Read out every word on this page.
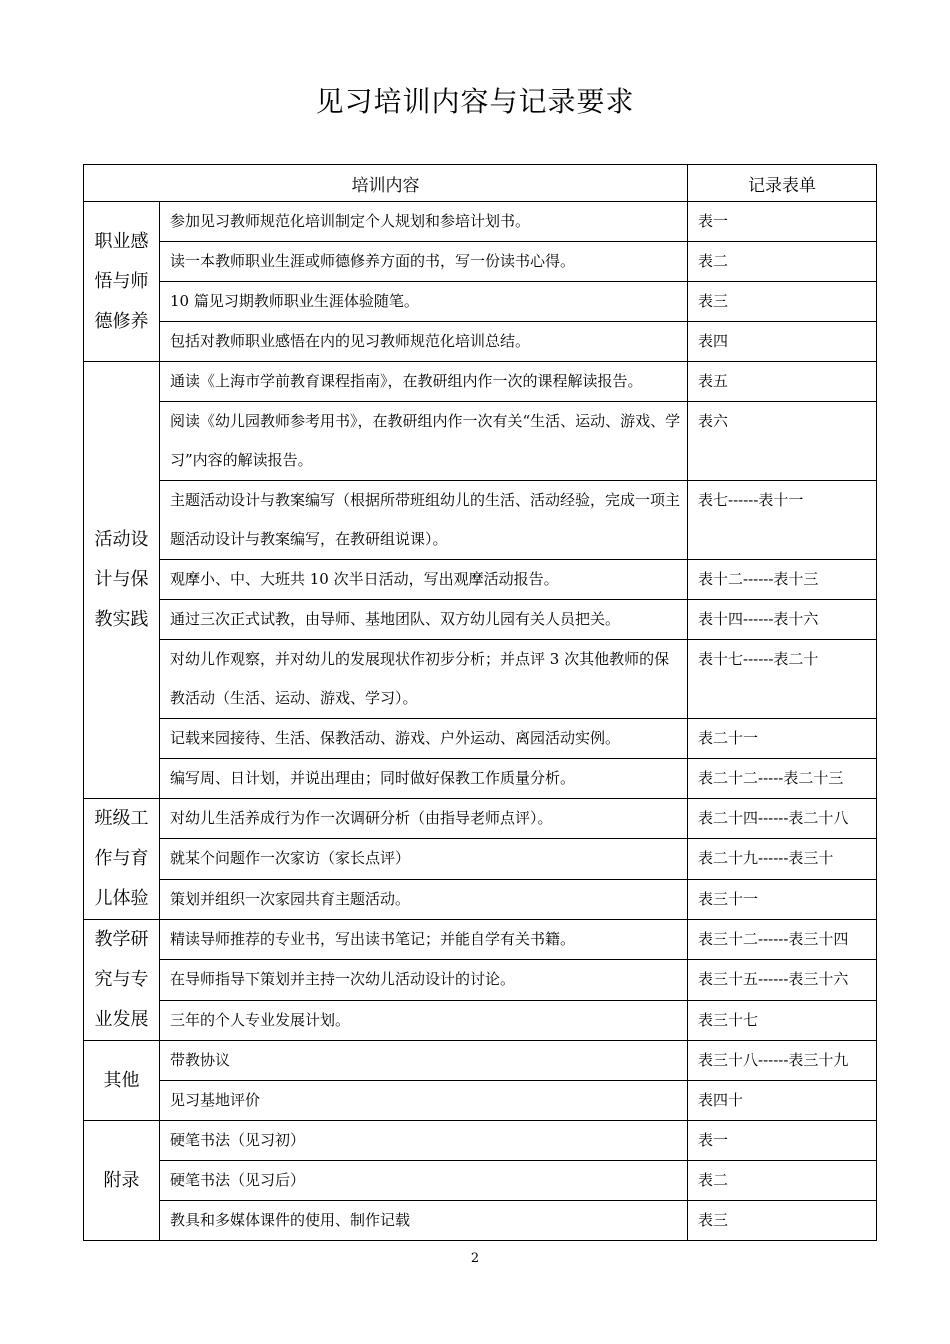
见习培训内容与记录要求
培训内容		记录表单
职业感
悟与师
德修养	参加见习教师规范化培训制定个人规划和参培计划书。	表一
	读一本教师职业生涯或师德修养方面的书，写一份读书心得。	表二
	10 篇见习期教师职业生涯体验随笔。	表三
	包括对教师职业感悟在内的见习教师规范化培训总结。	表四
活动设
计与保
教实践	通读《上海市学前教育课程指南》，在教研组内作一次的课程解读报告。	表五
	阅读《幼儿园教师参考用书》，在教研组内作一次有关“生活、运动、游戏、学习”内容的解读报告。	表六
	主题活动设计与教案编写（根据所带班组幼儿的生活、活动经验，完成一项主题活动设计与教案编写，在教研组说课）。	表七------表十一
	观摩小、中、大班共 10 次半日活动，写出观摩活动报告。	表十二------表十三
	通过三次正式试教，由导师、基地团队、双方幼儿园有关人员把关。	表十四------表十六
	对幼儿作观察，并对幼儿的发展现状作初步分析；并点评 3 次其他教师的保教活动（生活、运动、游戏、学习）。	表十七------表二十
	记载来园接待、生活、保教活动、游戏、户外运动、离园活动实例。	表二十一
	编写周、日计划，并说出理由；同时做好保教工作质量分析。	表二十二-----表二十三
班级工
作与育
儿体验	对幼儿生活养成行为作一次调研分析（由指导老师点评）。	表二十四------表二十八
	就某个问题作一次家访（家长点评）	表二十九------表三十
	策划并组织一次家园共育主题活动。	表三十一
教学研
究与专
业发展	精读导师推荐的专业书，写出读书笔记；并能自学有关书籍。	表三十二------表三十四
	在导师指导下策划并主持一次幼儿活动设计的讨论。	表三十五------表三十六
	三年的个人专业发展计划。	表三十七
其他	带教协议	表三十八------表三十九
	见习基地评价	表四十
附录	硬笔书法（见习初）	表一
	硬笔书法（见习后）	表二
	教具和多媒体课件的使用、制作记载	表三
2
